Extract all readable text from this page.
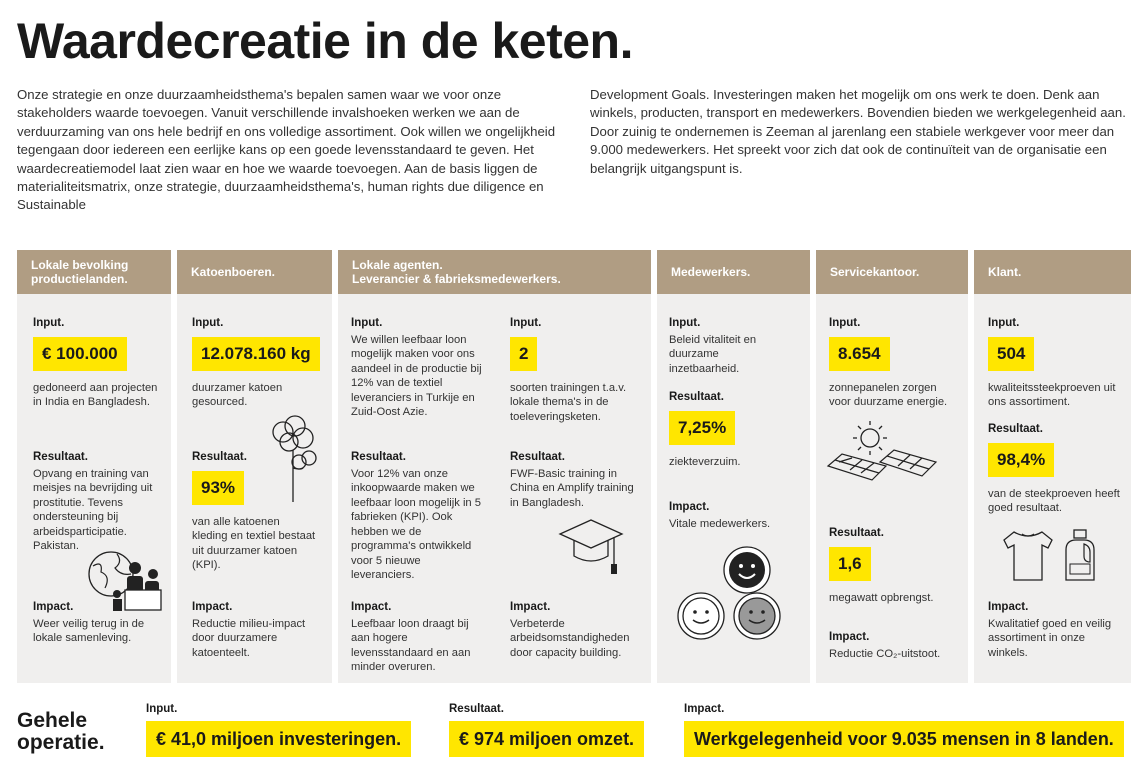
Waardecreatie in de keten.
Onze strategie en onze duurzaamheidsthema's bepalen samen waar we voor onze stakeholders waarde toevoegen. Vanuit verschillende invalshoeken werken we aan de verduurzaming van ons hele bedrijf en ons volledige assortiment. Ook willen we ongelijkheid tegengaan door iedereen een eerlijke kans op een goede levensstandaard te geven. Het waardecreatiemodel laat zien waar en hoe we waarde toevoegen. Aan de basis liggen de materialiteitsmatrix, onze strategie, duurzaamheidsthema's, human rights due diligence en Sustainable
Development Goals. Investeringen maken het mogelijk om ons werk te doen. Denk aan winkels, producten, transport en medewerkers. Bovendien bieden we werkgelegenheid aan. Door zuinig te ondernemen is Zeeman al jarenlang een stabiele werkgever voor meer dan 9.000 medewerkers. Het spreekt voor zich dat ook de continuïteit van de organisatie een belangrijk uitgangspunt is.
Lokale bevolking
productielanden.
Input.
€ 100.000
gedoneerd aan projecten in India en Bangladesh.
Resultaat.
Opvang en training van meisjes na bevrijding uit prostitutie. Tevens ondersteuning bij arbeidsparticipatie. Pakistan.
Impact.
Weer veilig terug in de lokale samenleving.
Katoenboeren.
Input.
12.078.160 kg
duurzamer katoen gesourced.
Resultaat.
93%
van alle katoenen kleding en textiel bestaat uit duurzamer katoen (KPI).
Impact.
Reductie milieu-impact door duurzamere katoenteelt.
Lokale agenten.
Leverancier & fabrieksmedewerkers.
Input.
We willen leefbaar loon mogelijk maken voor ons aandeel in de productie bij 12% van de textiel leveranciers in Turkije en Zuid-Oost Azie.
Resultaat.
Voor 12% van onze inkoopwaarde maken we leefbaar loon mogelijk in 5 fabrieken (KPI). Ook hebben we de programma's ontwikkeld voor 5 nieuwe leveranciers.
Impact.
Leefbaar loon draagt bij aan hogere levensstandaard en aan minder overuren.
Input.
2
soorten trainingen t.a.v. lokale thema's in de toeleveringsketen.
Resultaat.
FWF-Basic training in China en Amplify training in Bangladesh.
Impact.
Verbeterde arbeidsomstandigheden door capacity building.
Medewerkers.
Input.
Beleid vitaliteit en duurzame inzetbaarheid.
Resultaat.
7,25%
ziekteverzuim.
Impact.
Vitale medewerkers.
Servicekantoor.
Input.
8.654
zonnepanelen zorgen voor duurzame energie.
Resultaat.
1,6
megawatt opbrengst.
Impact.
Reductie CO₂-uitstoot.
Klant.
Input.
504
kwaliteitssteekproeven uit ons assortiment.
Resultaat.
98,4%
van de steekproeven heeft goed resultaat.
Impact.
Kwalitatief goed en veilig assortiment in onze winkels.
Gehele
operatie.
Input.
€ 41,0 miljoen investeringen.
Resultaat.
€ 974 miljoen omzet.
Impact.
Werkgelegenheid voor 9.035 mensen in 8 landen.
